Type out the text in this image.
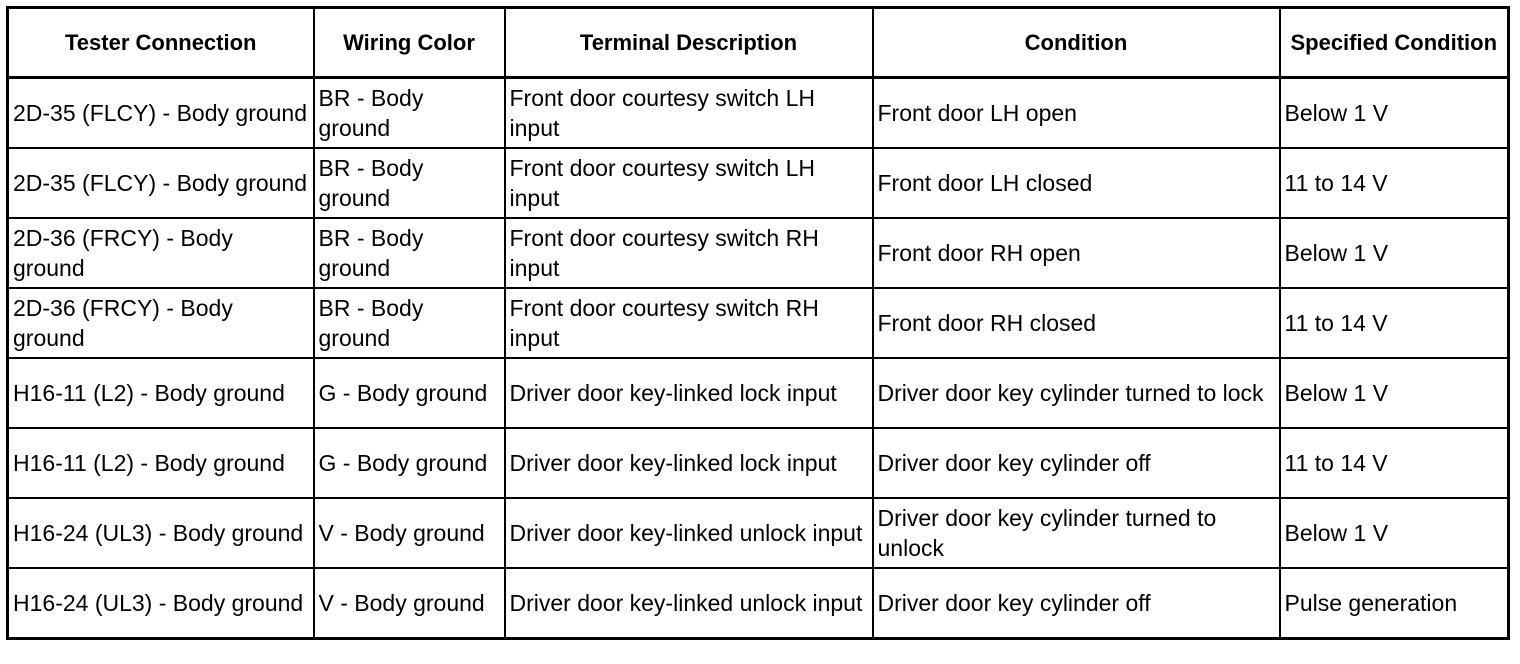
Tester Connection	Wiring Color	Terminal Description	Condition	Specified Condition
2D-35 (FLCY) - Body ground	BR - Body ground	Front door courtesy switch LH input	Front door LH open	Below 1 V
2D-35 (FLCY) - Body ground	BR - Body ground	Front door courtesy switch LH input	Front door LH closed	11 to 14 V
2D-36 (FRCY) - Body ground	BR - Body ground	Front door courtesy switch RH input	Front door RH open	Below 1 V
2D-36 (FRCY) - Body ground	BR - Body ground	Front door courtesy switch RH input	Front door RH closed	11 to 14 V
H16-11 (L2) - Body ground	G - Body ground	Driver door key-linked lock input	Driver door key cylinder turned to lock	Below 1 V
H16-11 (L2) - Body ground	G - Body ground	Driver door key-linked lock input	Driver door key cylinder off	11 to 14 V
H16-24 (UL3) - Body ground	V - Body ground	Driver door key-linked unlock input	Driver door key cylinder turned to unlock	Below 1 V
H16-24 (UL3) - Body ground	V - Body ground	Driver door key-linked unlock input	Driver door key cylinder off	Pulse generation
